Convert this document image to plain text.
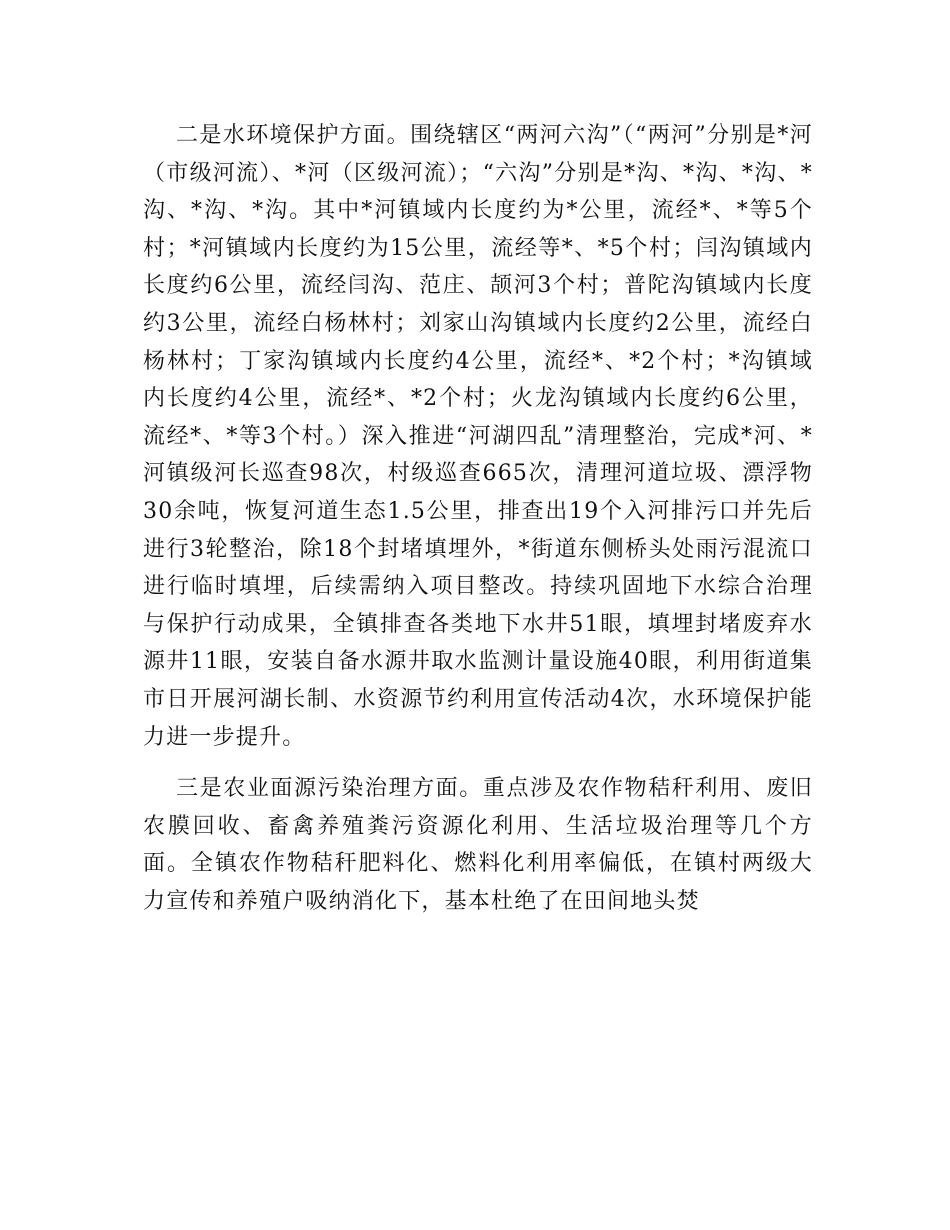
二是水环境保护方面。围绕辖区“两河六沟”（“两河”分别是*河（市级河流）、*河（区级河流）；“六沟”分别是*沟、*沟、*沟、*沟、*沟、*沟。其中*河镇域内长度约为*公里，流经*、*等5个村；*河镇域内长度约为15公里，流经等*、*5个村；闫沟镇域内长度约6公里，流经闫沟、范庄、颉河3个村；普陀沟镇域内长度约3公里，流经白杨林村；刘家山沟镇域内长度约2公里，流经白杨林村；丁家沟镇域内长度约4公里，流经*、*2个村；*沟镇域内长度约4公里，流经*、*2个村；火龙沟镇域内长度约6公里，流经*、*等3个村。）深入推进“河湖四乱”清理整治，完成*河、*河镇级河长巡查98次，村级巡查665次，清理河道垃圾、漂浮物30余吨，恢复河道生态1.5公里，排查出19个入河排污口并先后进行3轮整治，除18个封堵填埋外，*街道东侧桥头处雨污混流口进行临时填埋，后续需纳入项目整改。持续巩固地下水综合治理与保护行动成果，全镇排查各类地下水井51眼，填埋封堵废弃水源井11眼，安装自备水源井取水监测计量设施40眼，利用街道集市日开展河湖长制、水资源节约利用宣传活动4次，水环境保护能力进一步提升。

三是农业面源污染治理方面。重点涉及农作物秸秆利用、废旧农膜回收、畜禽养殖粪污资源化利用、生活垃圾治理等几个方面。全镇农作物秸秆肥料化、燃料化利用率偏低，在镇村两级大力宣传和养殖户吸纳消化下，基本杜绝了在田间地头焚
